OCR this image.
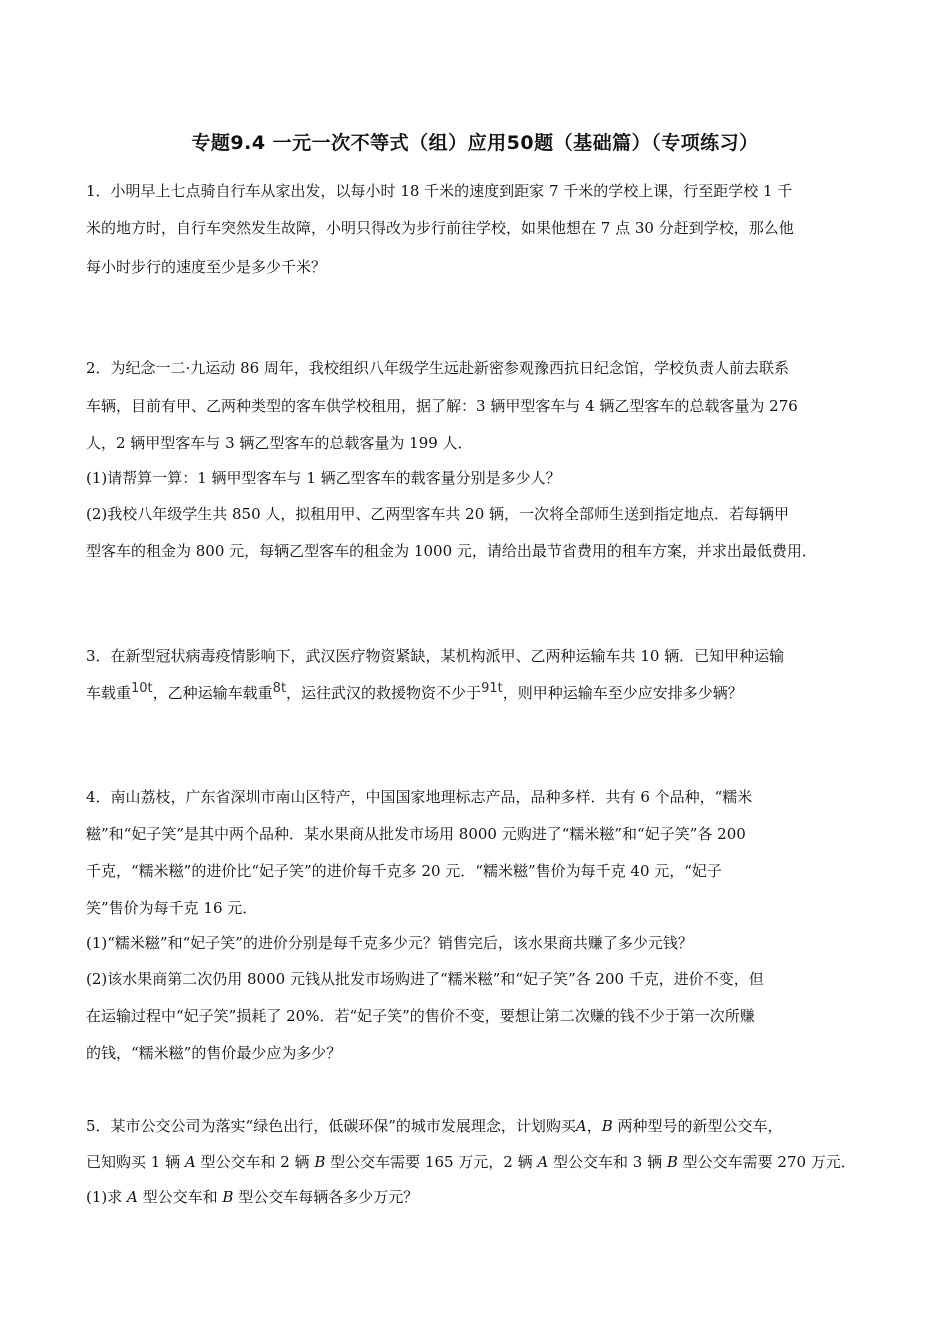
专题9.4 一元一次不等式（组）应用50题（基础篇）（专项练习）
1．小明早上七点骑自行车从家出发，以每小时 18 千米的速度到距家 7 千米的学校上课，行至距学校 1 千
米的地方时，自行车突然发生故障，小明只得改为步行前往学校，如果他想在 7 点 30 分赶到学校，那么他
每小时步行的速度至少是多少千米？
2．为纪念一二·九运动 86 周年，我校组织八年级学生远赴新密参观豫西抗日纪念馆，学校负责人前去联系
车辆，目前有甲、乙两种类型的客车供学校租用，据了解：3 辆甲型客车与 4 辆乙型客车的总载客量为 276
人，2 辆甲型客车与 3 辆乙型客车的总载客量为 199 人．
(1)请帮算一算：1 辆甲型客车与 1 辆乙型客车的载客量分别是多少人？
(2)我校八年级学生共 850 人，拟租用甲、乙两型客车共 20 辆，一次将全部师生送到指定地点．若每辆甲
型客车的租金为 800 元，每辆乙型客车的租金为 1000 元，请给出最节省费用的租车方案，并求出最低费用．
3．在新型冠状病毒疫情影响下，武汉医疗物资紧缺，某机构派甲、乙两种运输车共 10 辆．已知甲种运输
车载重10t，乙种运输车载重8t，运往武汉的救援物资不少于91t，则甲种运输车至少应安排多少辆？
4．南山荔枝，广东省深圳市南山区特产，中国国家地理标志产品，品种多样．共有 6 个品种，“糯米
糍”和“妃子笑”是其中两个品种．某水果商从批发市场用 8000 元购进了“糯米糍”和“妃子笑”各 200
千克，“糯米糍”的进价比“妃子笑”的进价每千克多 20 元．“糯米糍”售价为每千克 40 元，“妃子
笑”售价为每千克 16 元．
(1)“糯米糍”和“妃子笑”的进价分别是每千克多少元？销售完后，该水果商共赚了多少元钱？
(2)该水果商第二次仍用 8000 元钱从批发市场购进了“糯米糍”和“妃子笑”各 200 千克，进价不变，但
在运输过程中“妃子笑”损耗了 20%．若“妃子笑”的售价不变，要想让第二次赚的钱不少于第一次所赚
的钱，“糯米糍”的售价最少应为多少？
5．某市公交公司为落实“绿色出行，低碳环保”的城市发展理念，计划购买A，B 两种型号的新型公交车，
已知购买 1 辆 A 型公交车和 2 辆 B 型公交车需要 165 万元，2 辆 A 型公交车和 3 辆 B 型公交车需要 270 万元．
(1)求 A 型公交车和 B 型公交车每辆各多少万元？
